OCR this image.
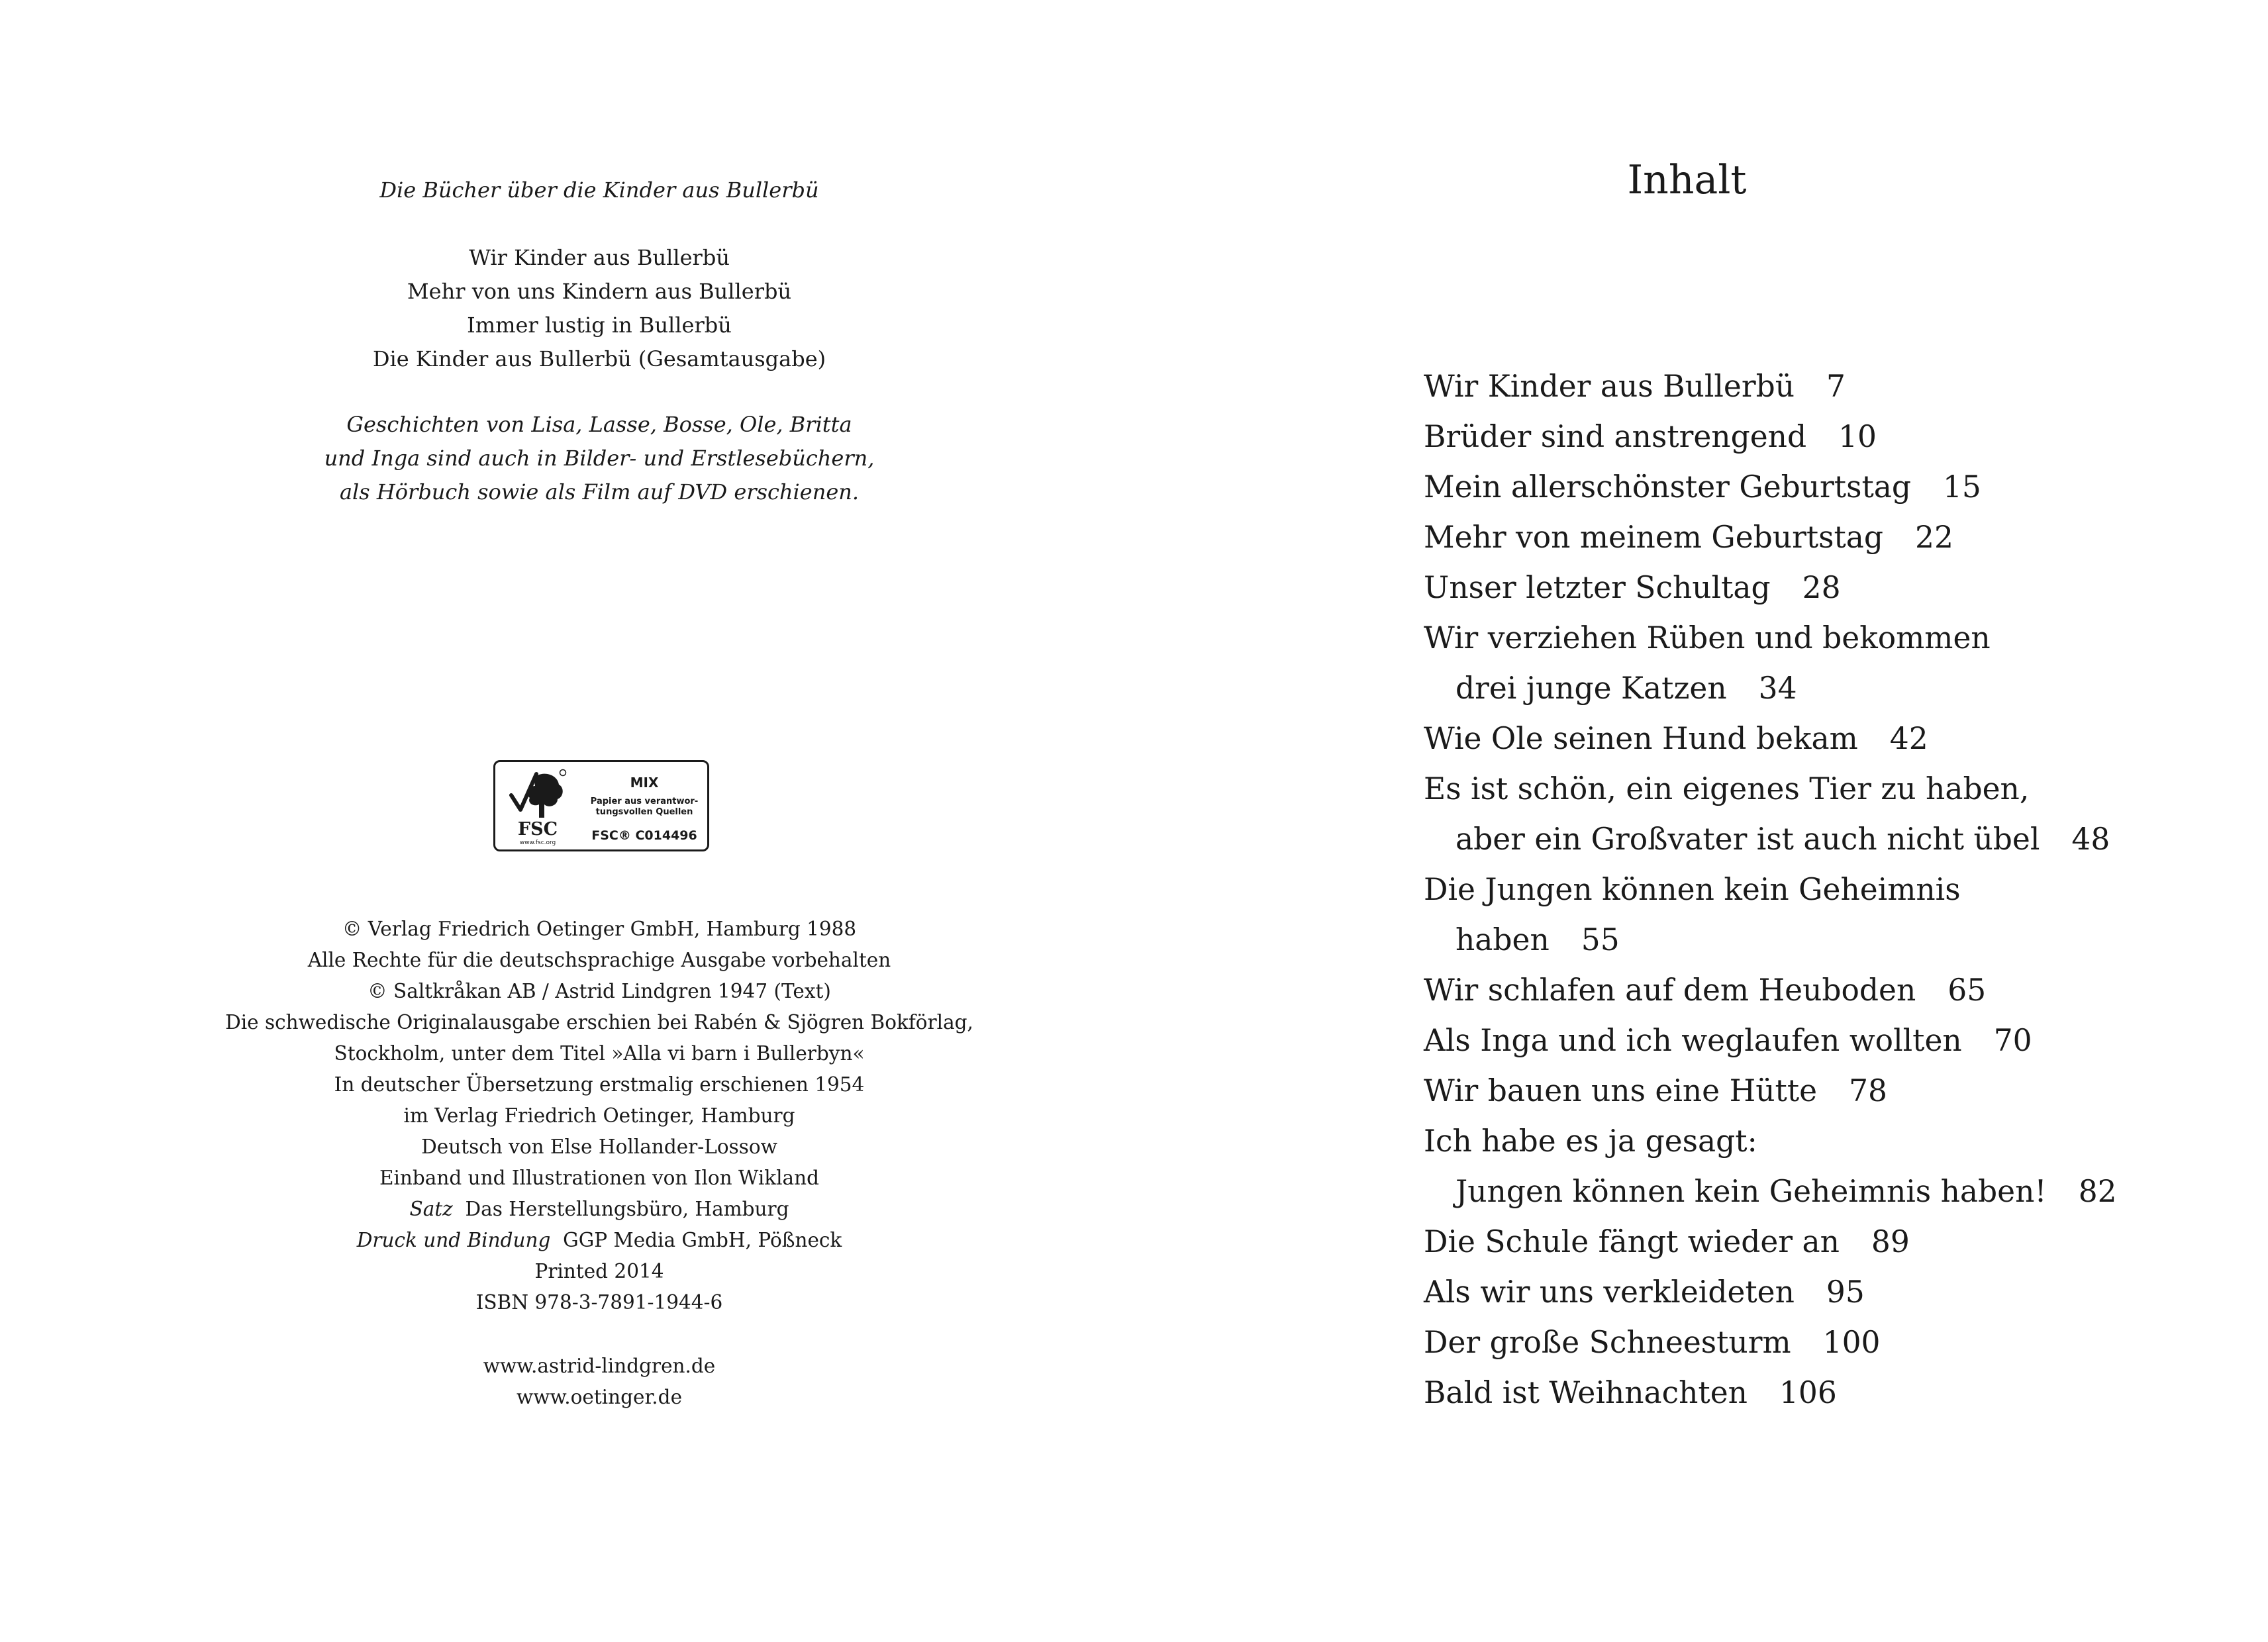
Die Bücher über die Kinder aus Bullerbü
Wir Kinder aus Bullerbü
Mehr von uns Kindern aus Bullerbü
Immer lustig in Bullerbü
Die Kinder aus Bullerbü (Gesamtausgabe)
Geschichten von Lisa, Lasse, Bosse, Ole, Britta
und Inga sind auch in Bilder- und Erstlesebüchern,
als Hörbuch sowie als Film auf DVD erschienen.
FSC
www.fsc.org
MIX
Papier aus verantwor-
tungsvollen Quellen
FSC® C014496
© Verlag Friedrich Oetinger GmbH, Hamburg 1988
Alle Rechte für die deutschsprachige Ausgabe vorbehalten
© Saltkråkan AB / Astrid Lindgren 1947 (Text)
Die schwedische Originalausgabe erschien bei Rabén & Sjögren Bokförlag,
Stockholm, unter dem Titel »Alla vi barn i Bullerbyn«
In deutscher Übersetzung erstmalig erschienen 1954
im Verlag Friedrich Oetinger, Hamburg
Deutsch von Else Hollander-Lossow
Einband und Illustrationen von Ilon Wikland
Satz Das Herstellungsbüro, Hamburg
Druck und Bindung GGP Media GmbH, Pößneck
Printed 2014
ISBN 978-3-7891-1944-6
www.astrid-lindgren.de
www.oetinger.de
Inhalt
Wir Kinder aus Bullerbü 7
Brüder sind anstrengend 10
Mein allerschönster Geburtstag 15
Mehr von meinem Geburtstag 22
Unser letzter Schultag 28
Wir verziehen Rüben und bekommen
drei junge Katzen 34
Wie Ole seinen Hund bekam 42
Es ist schön, ein eigenes Tier zu haben,
aber ein Großvater ist auch nicht übel 48
Die Jungen können kein Geheimnis
haben 55
Wir schlafen auf dem Heuboden 65
Als Inga und ich weglaufen wollten 70
Wir bauen uns eine Hütte 78
Ich habe es ja gesagt:
Jungen können kein Geheimnis haben! 82
Die Schule fängt wieder an 89
Als wir uns verkleideten 95
Der große Schneesturm 100
Bald ist Weihnachten 106
